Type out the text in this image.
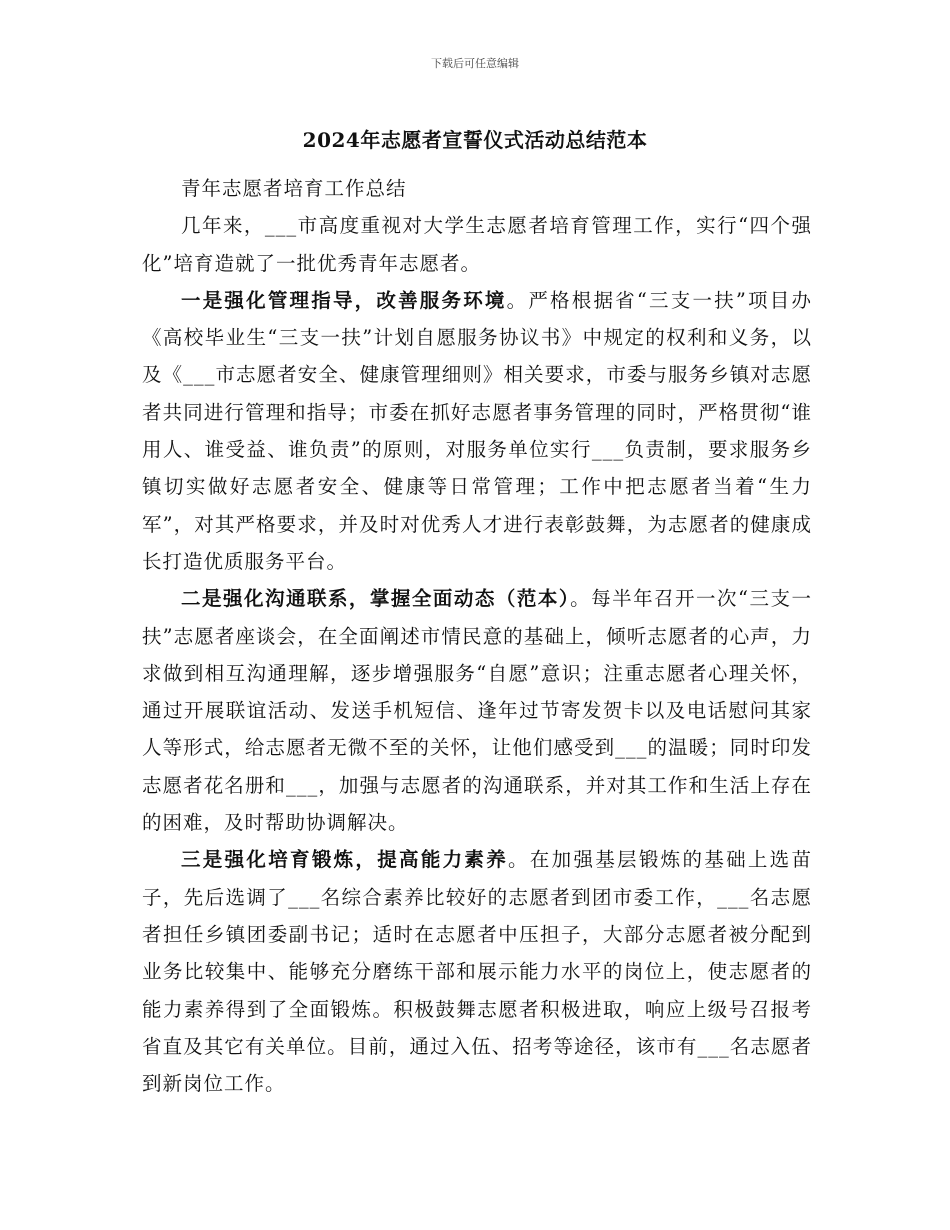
下载后可任意编辑
2024年志愿者宣誓仪式活动总结范本

青年志愿者培育工作总结

几年来，___市高度重视对大学生志愿者培育管理工作，实行“四个强化”培育造就了一批优秀青年志愿者。

一是强化管理指导，改善服务环境。严格根据省“三支一扶”项目办《高校毕业生“三支一扶”计划自愿服务协议书》中规定的权利和义务，以及《___市志愿者安全、健康管理细则》相关要求，市委与服务乡镇对志愿者共同进行管理和指导；市委在抓好志愿者事务管理的同时，严格贯彻“谁用人、谁受益、谁负责”的原则，对服务单位实行___负责制，要求服务乡镇切实做好志愿者安全、健康等日常管理；工作中把志愿者当着“生力军”，对其严格要求，并及时对优秀人才进行表彰鼓舞，为志愿者的健康成长打造优质服务平台。

二是强化沟通联系，掌握全面动态（范本）。每半年召开一次“三支一扶”志愿者座谈会，在全面阐述市情民意的基础上，倾听志愿者的心声，力求做到相互沟通理解，逐步增强服务“自愿”意识；注重志愿者心理关怀，通过开展联谊活动、发送手机短信、逢年过节寄发贺卡以及电话慰问其家人等形式，给志愿者无微不至的关怀，让他们感受到___的温暖；同时印发志愿者花名册和___，加强与志愿者的沟通联系，并对其工作和生活上存在的困难，及时帮助协调解决。

三是强化培育锻炼，提高能力素养。在加强基层锻炼的基础上选苗子，先后选调了___名综合素养比较好的志愿者到团市委工作，___名志愿者担任乡镇团委副书记；适时在志愿者中压担子，大部分志愿者被分配到业务比较集中、能够充分磨练干部和展示能力水平的岗位上，使志愿者的能力素养得到了全面锻炼。积极鼓舞志愿者积极进取，响应上级号召报考省直及其它有关单位。目前，通过入伍、招考等途径，该市有___名志愿者到新岗位工作。
